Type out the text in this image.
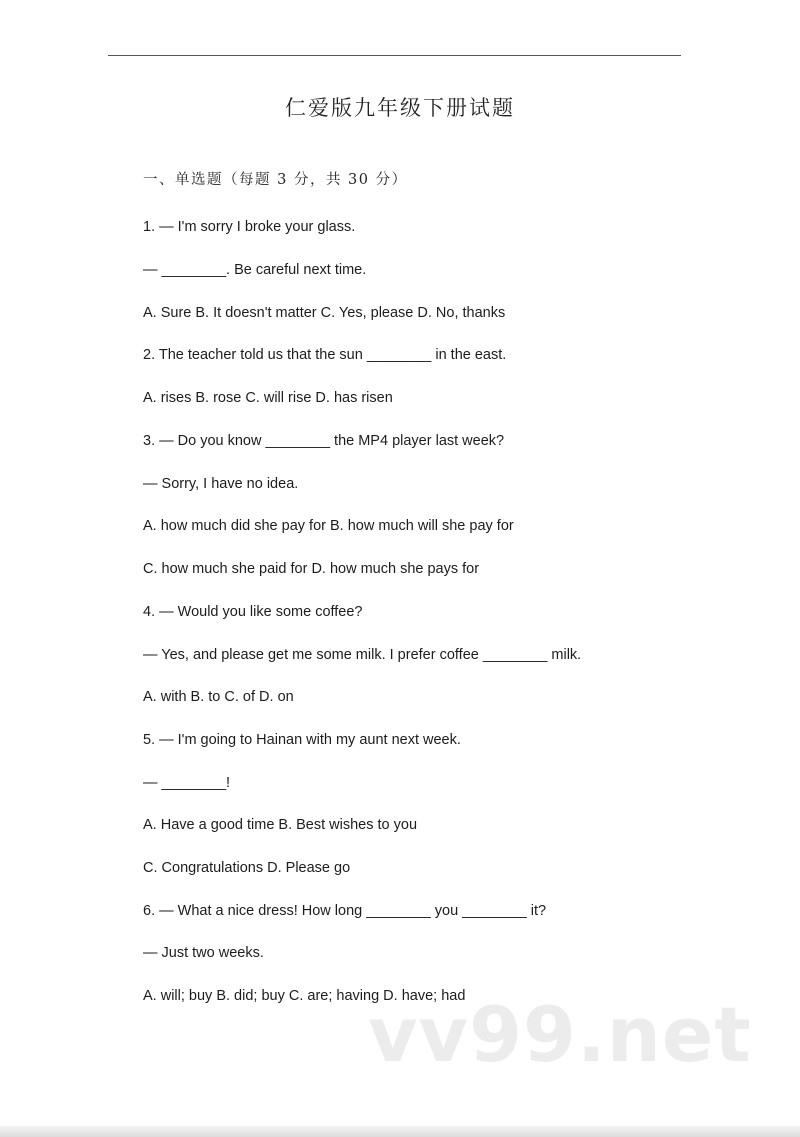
仁爱版九年级下册试题
一、单选题（每题 3 分，共 30 分）
1. — I'm sorry I broke your glass.
— ________. Be careful next time.
A. Sure B. It doesn't matter C. Yes, please D. No, thanks
2. The teacher told us that the sun ________ in the east.
A. rises B. rose C. will rise D. has risen
3. — Do you know ________ the MP4 player last week?
— Sorry, I have no idea.
A. how much did she pay for B. how much will she pay for
C. how much she paid for D. how much she pays for
4. — Would you like some coffee?
— Yes, and please get me some milk. I prefer coffee ________ milk.
A. with B. to C. of D. on
5. — I'm going to Hainan with my aunt next week.
— ________!
A. Have a good time B. Best wishes to you
C. Congratulations D. Please go
6. — What a nice dress! How long ________ you ________ it?
— Just two weeks.
A. will; buy B. did; buy C. are; having D. have; had
vv99.net
